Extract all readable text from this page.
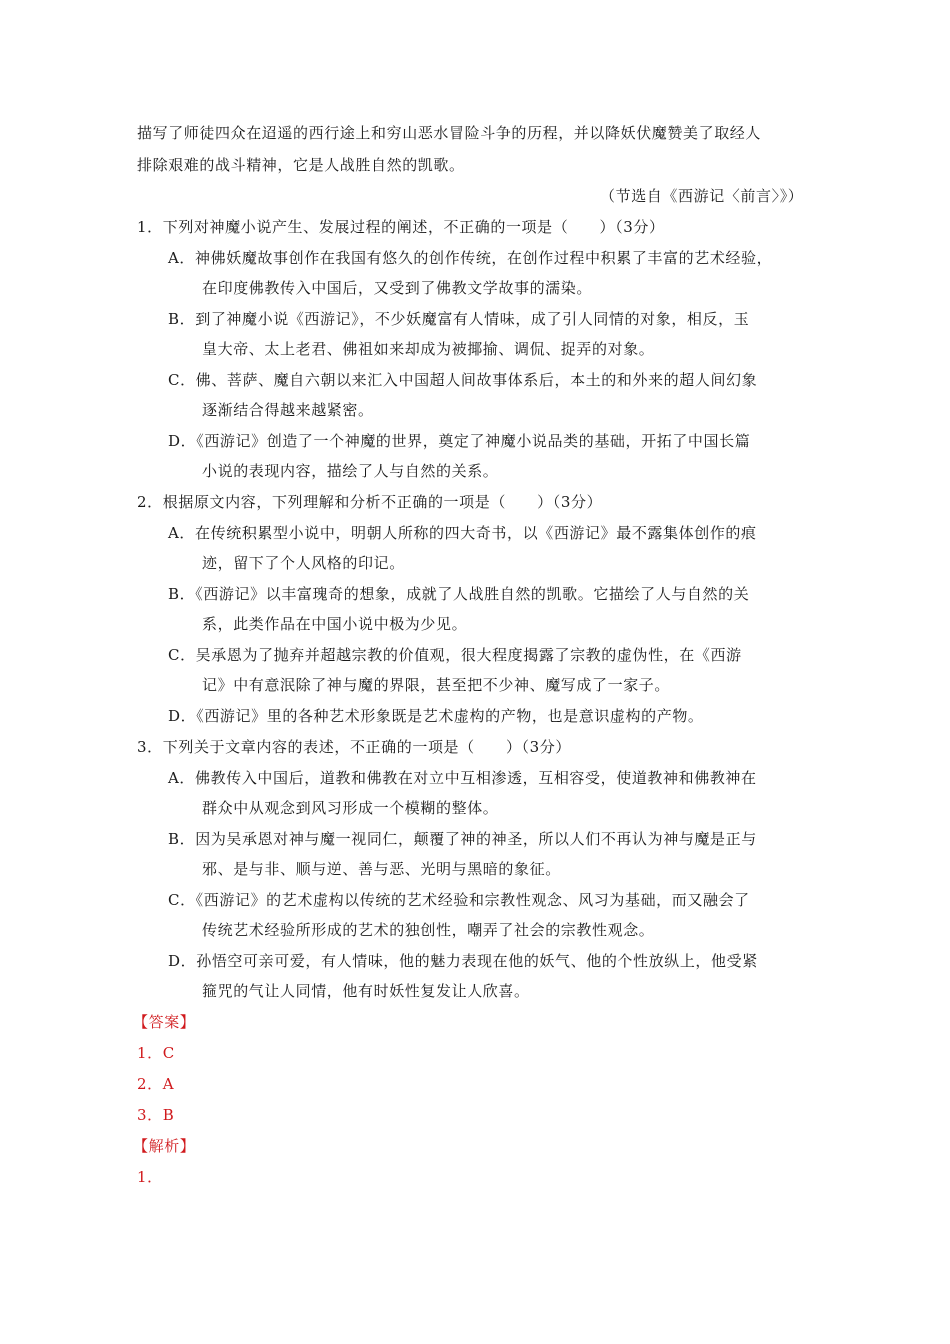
描写了师徒四众在迢遥的西行途上和穷山恶水冒险斗争的历程，并以降妖伏魔赞美了取经人
排除艰难的战斗精神，它是人战胜自然的凯歌。
（节选自《西游记〈前言〉》）
1．下列对神魔小说产生、发展过程的阐述，不正确的一项是（　　）（3分）
A．神佛妖魔故事创作在我国有悠久的创作传统，在创作过程中积累了丰富的艺术经验，
在印度佛教传入中国后，又受到了佛教文学故事的濡染。
B．到了神魔小说《西游记》，不少妖魔富有人情味，成了引人同情的对象，相反，玉
皇大帝、太上老君、佛祖如来却成为被揶揄、调侃、捉弄的对象。
C．佛、菩萨、魔自六朝以来汇入中国超人间故事体系后，本土的和外来的超人间幻象
逐渐结合得越来越紧密。
D．《西游记》创造了一个神魔的世界，奠定了神魔小说品类的基础，开拓了中国长篇
小说的表现内容，描绘了人与自然的关系。
2．根据原文内容，下列理解和分析不正确的一项是（　　）（3分）
A．在传统积累型小说中，明朝人所称的四大奇书，以《西游记》最不露集体创作的痕
迹，留下了个人风格的印记。
B．《西游记》以丰富瑰奇的想象，成就了人战胜自然的凯歌。它描绘了人与自然的关
系，此类作品在中国小说中极为少见。
C．吴承恩为了抛弃并超越宗教的价值观，很大程度揭露了宗教的虚伪性，在《西游
记》中有意泯除了神与魔的界限，甚至把不少神、魔写成了一家子。
D．《西游记》里的各种艺术形象既是艺术虚构的产物，也是意识虚构的产物。
3．下列关于文章内容的表述，不正确的一项是（　　）（3分）
A．佛教传入中国后，道教和佛教在对立中互相渗透，互相容受，使道教神和佛教神在
群众中从观念到风习形成一个模糊的整体。
B．因为吴承恩对神与魔一视同仁，颠覆了神的神圣，所以人们不再认为神与魔是正与
邪、是与非、顺与逆、善与恶、光明与黑暗的象征。
C．《西游记》的艺术虚构以传统的艺术经验和宗教性观念、风习为基础，而又融会了
传统艺术经验所形成的艺术的独创性，嘲弄了社会的宗教性观念。
D．孙悟空可亲可爱，有人情味，他的魅力表现在他的妖气、他的个性放纵上，他受紧
箍咒的气让人同情，他有时妖性复发让人欣喜。
【答案】
1．C
2．A
3．B
【解析】
1．
